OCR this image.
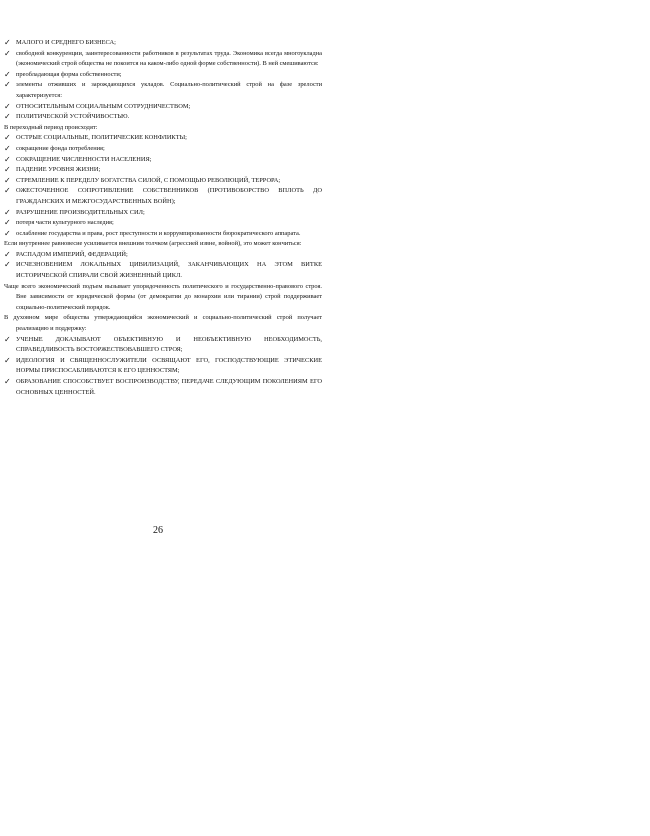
✓ МАЛОГО И СРЕДНЕГО БИЗНЕСА;
✓ свободной конкуренции, заинтересованности работников в результатах труда. Экономика всегда многоукладна (экономический строй общества не покоится на каком-либо одной форме собственности). В ней смешиваются:
✓ преобладающая форма собственности;
✓ элементы отживших и зарождающихся укладов. Социально-политический строй на фазе зрелости характеризуется:
✓ ОТНОСИТЕЛЬНЫМ СОЦИАЛЬНЫМ СОТРУДНИЧЕСТВОМ;
✓ ПОЛИТИЧЕСКОЙ УСТОЙЧИВОСТЬЮ.
В переходный период происходят:
✓ ОСТРЫЕ СОЦИАЛЬНЫЕ, ПОЛИТИЧЕСКИЕ КОНФЛИКТЫ;
✓ сокращение фонда потребления;
✓ СОКРАЩЕНИЕ ЧИСЛЕННОСТИ НАСЕЛЕНИЯ;
✓ ПАДЕНИЕ УРОВНЯ ЖИЗНИ;
✓ СТРЕМЛЕНИЕ К ПЕРЕДЕЛУ БОГАТСТВА СИЛОЙ, С ПОМОЩЬЮ РЕВОЛЮЦИЙ, ТЕРРОРА;
✓ ОЖЕСТОЧЕННОЕ СОПРОТИВЛЕНИЕ СОБСТВЕННИКОВ (ПРОТИВОБОРСТВО ВПЛОТЬ ДО ГРАЖДАНСКИХ И МЕЖГОСУДАРСТВЕННЫХ ВОЙН);
✓ РАЗРУШЕНИЕ ПРОИЗВОДИТЕЛЬНЫХ СИЛ;
✓ потеря части культурного наследия;
✓ ослабление государства и права, рост преступности и коррумпированности бюрократического аппарата.
Если внутреннее равновесие усиливается внешним толчком (агрессией извне, войной), это может кончиться:
✓ РАСПАДОМ ИМПЕРИЙ, ФЕДЕРАЦИЙ;
✓ ИСЧЕЗНОВЕНИЕМ ЛОКАЛЬНЫХ ЦИВИЛИЗАЦИЙ, ЗАКАНЧИВАЮЩИХ НА ЭТОМ ВИТКЕ ИСТОРИЧЕСКОЙ СПИРАЛИ СВОЙ ЖИЗНЕННЫЙ ЦИКЛ.
Чаще всего экономический подъем вызывает упорядоченность политического и государственно-правового строя. Вне зависимости от юридической формы (от демократии до монархии или тирании) строй поддерживает социально-политический порядок.
В духовном мире общества утверждающийся экономический и социально-политический строй получает реализацию и поддержку:
✓ УЧЕНЫЕ ДОКАЗЫВАЮТ ОБЪЕКТИВНУЮ И НЕОБЪЕКТИВНУЮ НЕОБХОДИМОСТЬ, СПРАВЕДЛИВОСТЬ ВОСТОРЖЕСТВОВАВШЕГО СТРОЯ;
✓ ИДЕОЛОГИЯ И СВЯЩЕННОСЛУЖИТЕЛИ ОСВЯЩАЮТ ЕГО, ГОСПОДСТВУЮЩИЕ ЭТИЧЕСКИЕ НОРМЫ ПРИСПОСАБЛИВАЮТСЯ К ЕГО ЦЕННОСТЯМ;
✓ ОБРАЗОВАНИЕ СПОСОБСТВУЕТ ВОСПРОИЗВОДСТВУ, ПЕРЕДАЧЕ СЛЕДУЮЩИМ ПОКОЛЕНИЯМ ЕГО ОСНОВНЫХ ЦЕННОСТЕЙ.
26
